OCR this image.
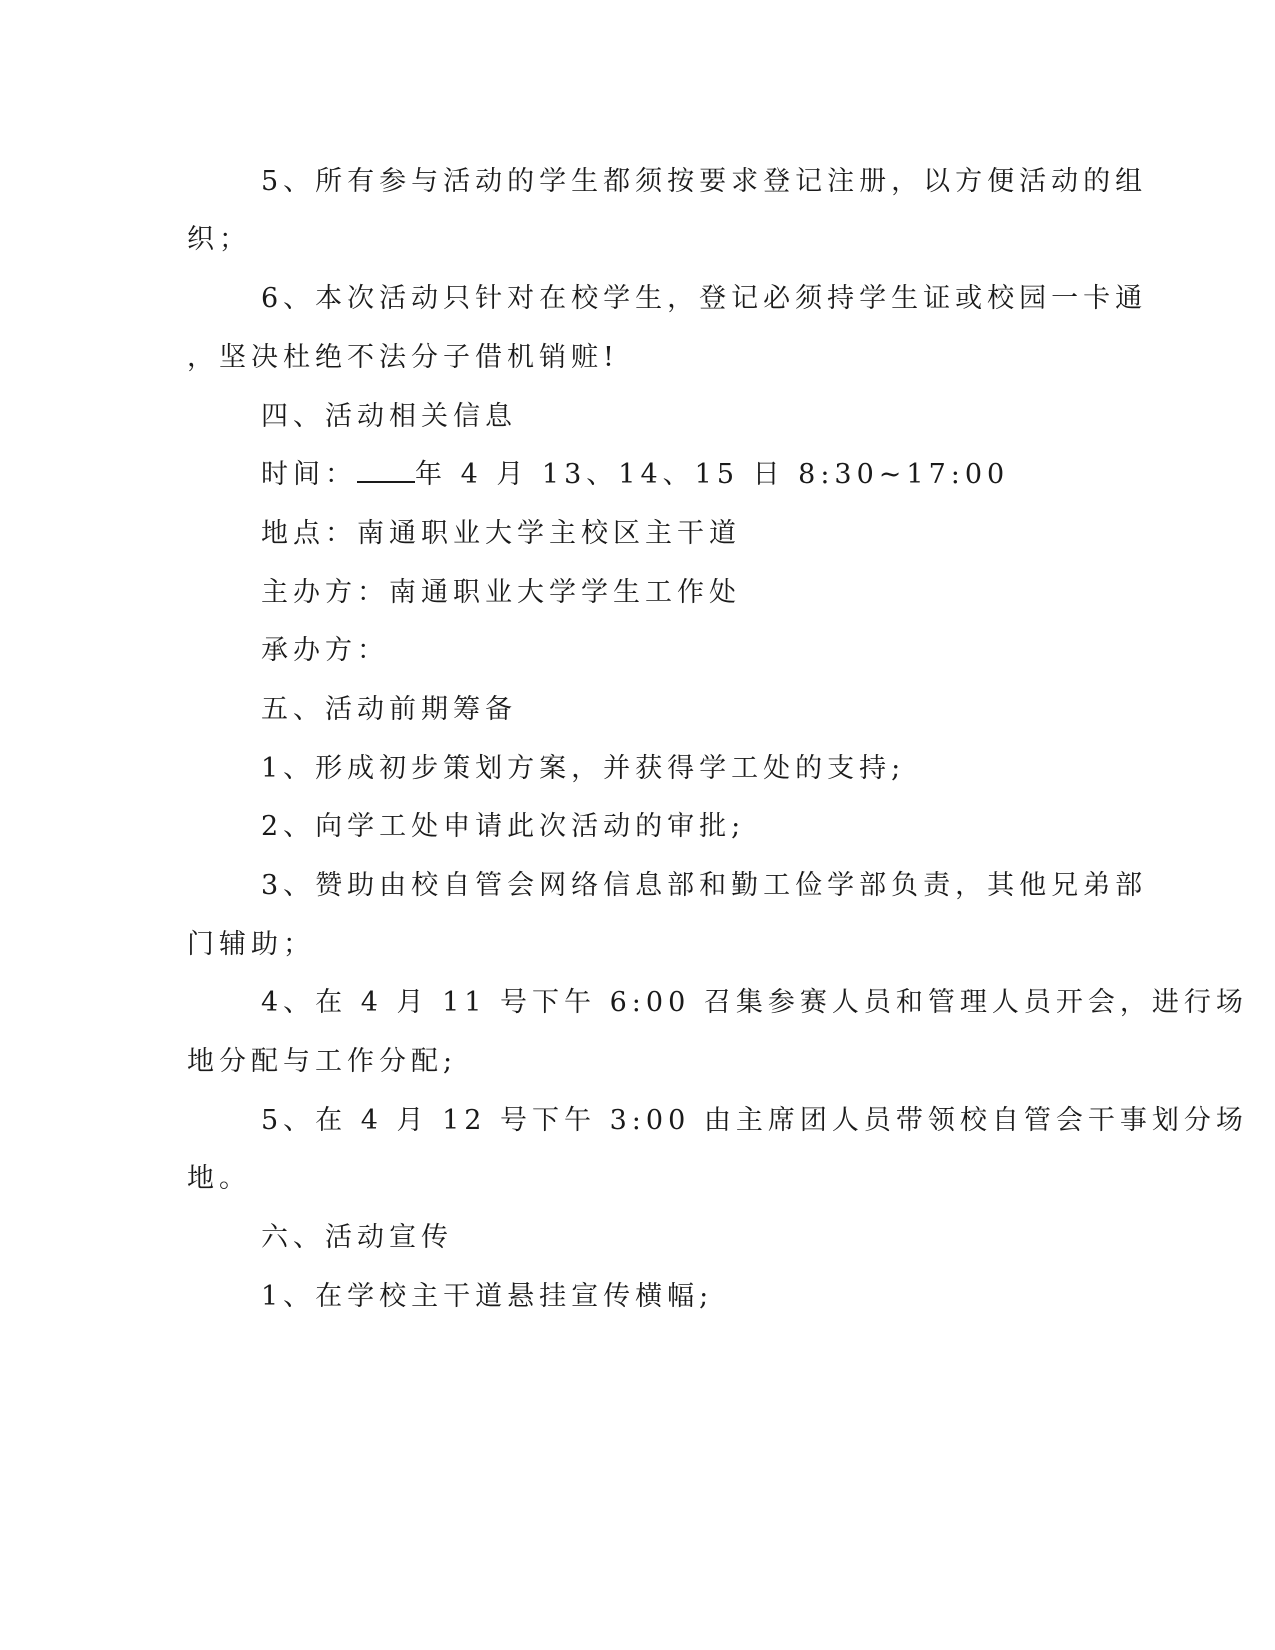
5、所有参与活动的学生都须按要求登记注册，以方便活动的组
织；
6、本次活动只针对在校学生，登记必须持学生证或校园一卡通
，坚决杜绝不法分子借机销赃!
四、活动相关信息
时间： 年 4 月 13、14、15 日 8:30~17:00
地点：南通职业大学主校区主干道
主办方：南通职业大学学生工作处
承办方：
五、活动前期筹备
1、形成初步策划方案，并获得学工处的支持;
2、向学工处申请此次活动的审批;
3、赞助由校自管会网络信息部和勤工俭学部负责，其他兄弟部
门辅助；
4、在 4 月 11 号下午 6:00 召集参赛人员和管理人员开会，进行场
地分配与工作分配;
5、在 4 月 12 号下午 3:00 由主席团人员带领校自管会干事划分场
地。
六、活动宣传
1、在学校主干道悬挂宣传横幅;
